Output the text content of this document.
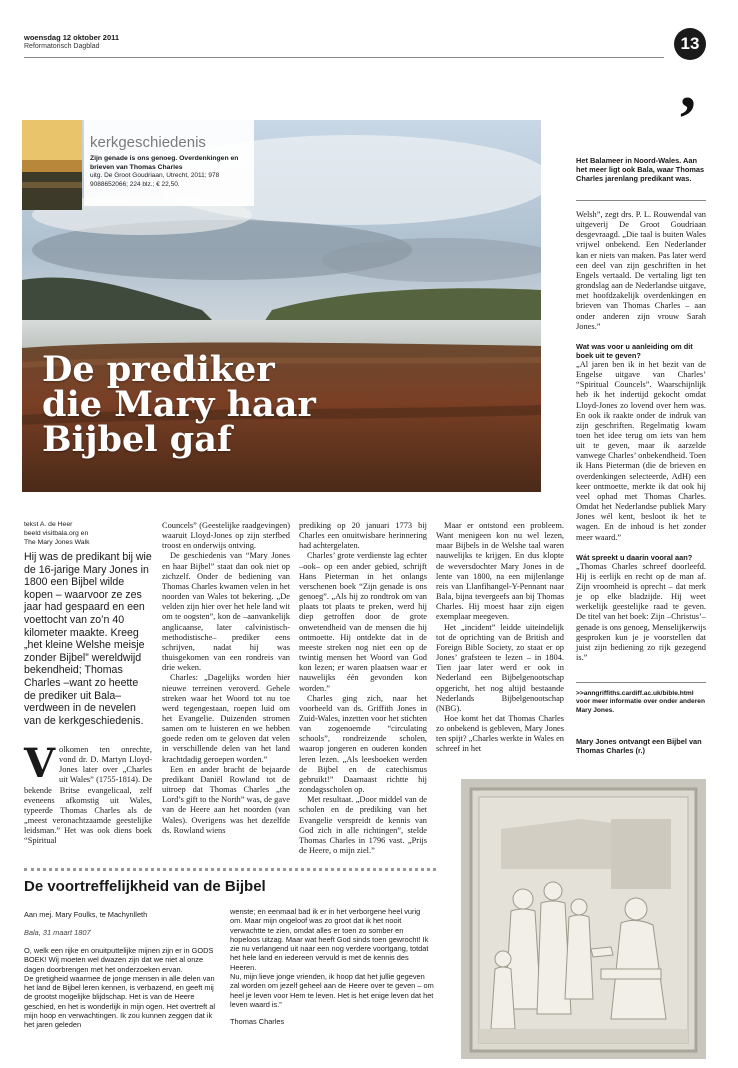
woensdag 12 oktober 2011
Reformatorisch Dagblad	13
,
kerkgeschiedenis
Zijn genade is ons genoeg. Overdenkingen en brieven van Thomas Charles
uitg. De Groot Goudriaan, Utrecht, 2011; 978 9088652066; 224 blz.; € 22,50.
De prediker
die Mary haar
Bijbel gaf
tekst A. de Heer
beeld visitbala.org en
The Mary Jones Walk
Hij was de predikant bij wie de 16-jarige Mary Jones in 1800 een Bijbel wilde kopen – waarvoor ze zes jaar had gespaard en een voettocht van zo’n 40 kilometer maakte. Kreeg „het kleine Welshe meisje zonder Bijbel” wereldwijd bekendheid; Thomas Charles –want zo heette de prediker uit Bala– verdween in de nevelen van de kerkgeschiedenis.
V olkomen ten onrechte, vond dr. D. Martyn Lloyd-Jones later over „Charles uit Wales” (1755-1814). De bekende Britse evangelicaal, zelf eveneens afkomstig uit Wales, typeerde Thomas Charles als de „meest veronachtzaamde geestelijke leidsman.” Het was ook diens boek “Spiritual

Councels” (Geestelijke raadgevingen) waaruit Lloyd-Jones op zijn sterfbed troost en onderwijs ontving.

De geschiedenis van “Mary Jones en haar Bijbel” staat dan ook niet op zichzelf. Onder de bediening van Thomas Charles kwamen velen in het noorden van Wales tot bekering. „De velden zijn hier over het hele land wit om te oogsten”, kon de –aanvankelijk anglicaanse, later calvinistisch-methodistische– prediker eens schrijven, nadat hij was thuisgekomen van een rondreis van drie weken.

Charles: „Dagelijks worden hier nieuwe terreinen veroverd. Gehele streken waar het Woord tot nu toe werd tegengestaan, roepen luid om het Evangelie. Duizenden stromen samen om te luisteren en we hebben goede reden om te geloven dat velen in verschillende delen van het land krachtdadig geroepen worden.”

Een en ander bracht de bejaarde predikant Daniël Rowland tot de uitroep dat Thomas Charles „the Lord’s gift to the North” was, de gave van de Heere aan het noorden (van Wales). Overigens was het dezelfde ds. Rowland wiens

prediking op 20 januari 1773 bij Charles een onuitwisbare herinnering had achtergelaten.

Charles’ grote verdienste lag echter –ook– op een ander gebied, schrijft Hans Pieterman in het onlangs verschenen boek “Zijn genade is ons genoeg”. „Als hij zo rondtrok om van plaats tot plaats te preken, werd hij diep getroffen door de grote onwetendheid van de mensen die hij ontmoette. Hij ontdekte dat in de meeste streken nog niet een op de twintig mensen het Woord van God kon lezen; er waren plaatsen waar er nauwelijks één gevonden kon worden.”

Charles ging zich, naar het voorbeeld van ds. Griffith Jones in Zuid-Wales, inzetten voor het stichten van zogenoemde “circulating schools”, rondreizende scholen, waarop jongeren en ouderen konden leren lezen. „Als leesboeken werden de Bijbel en de catechismus gebruikt!” Daarnaast richtte hij zondagsscholen op.

Met resultaat. „Door middel van de scholen en de prediking van het Evangelie verspreidt de kennis van God zich in alle richtingen”, stelde Thomas Charles in 1796 vast. „Prijs de Heere, o mijn ziel.”

Maar er ontstond een probleem. Want menigeen kon nu wel lezen, maar Bijbels in de Welshe taal waren nauwelijks te krijgen. En dus klopte de weversdochter Mary Jones in de lente van 1800, na een mijlenlange reis van Llanfihangel-Y-Pennant naar Bala, bijna tevergeefs aan bij Thomas Charles. Hij moest haar zijn eigen exemplaar meegeven.

Het „incident” leidde uiteindelijk tot de oprichting van de British and Foreign Bible Society, zo staat er op Jones’ grafsteen te lezen – in 1804. Tien jaar later werd er ook in Nederland een Bijbelgenootschap opgericht, het nog altijd bestaande Nederlands Bijbelgenootschap (NBG).

Hoe komt het dat Thomas Charles zo onbekend is gebleven, Mary Jones ten spijt? „Charles werkte in Wales en schreef in het

Het Balameer in Noord-Wales. Aan het meer ligt ook Bala, waar Thomas Charles jarenlang predikant was.

Welsh”, zegt drs. P. L. Rouwendal van uitgeverij De Groot Goudriaan desgevraagd. „Die taal is buiten Wales vrijwel onbekend. Een Nederlander kan er niets van maken. Pas later werd een deel van zijn geschriften in het Engels vertaald. De vertaling ligt ten grondslag aan de Nederlandse uitgave, met hoofdzakelijk overdenkingen en brieven van Thomas Charles – aan onder anderen zijn vrouw Sarah Jones.”

Wat was voor u aanleiding om dit boek uit te geven?

„Al jaren ben ik in het bezit van de Engelse uitgave van Charles’ “Spiritual Councels”. Waarschijnlijk heb ik het indertijd gekocht omdat Lloyd-Jones zo lovend over hem was. En ook ik raakte onder de indruk van zijn geschriften. Regelmatig kwam toen het idee terug om iets van hem uit te geven, maar ik aarzelde vanwege Charles’ onbekendheid. Toen ik Hans Pieterman (die de brieven en overdenkingen selecteerde, AdH) een keer ontmoette, merkte ik dat ook hij veel ophad met Thomas Charles. Omdat het Nederlandse publiek Mary Jones wél kent, besloot ik het te wagen. En de inhoud is het zonder meer waard.”

Wát spreekt u daarin vooral aan?

„Thomas Charles schreef doorleefd. Hij is eerlijk en recht op de man af. Zijn vroomheid is oprecht – dat merk je op elke bladzijde. Hij weet werkelijk geestelijke raad te geven. De titel van het boek: Zijn –Christus’– genade is ons genoeg, Menselijkerwijs gesproken kun je je voorstellen dat juist zijn bediening zo rijk gezegend is.”

>>anngriffiths.cardiff.ac.uk/bible.html voor meer informatie over onder anderen Mary Jones.
Mary Jones ontvangt een Bijbel van Thomas Charles (r.)
De voortreffelijkheid van de Bijbel
Aan mej. Mary Foulks, te Machynlleth
Bala, 31 maart 1807

O, welk een rijke en onuitputtelijke mijnen zijn er in GODS BOEK! Wij moeten wel dwazen zijn dat we niet al onze dagen doorbrengen met het onderzoeken ervan.

De gretigheid waarmee de jonge mensen in alle delen van het land de Bijbel leren kennen, is verbazend, en geeft mij de grootst mogelijke blijdschap. Het is van de Heere geschied, en het is wonderlijk in mijn ogen. Het overtreft al mijn hoop en verwachtingen. Ik zou kunnen zeggen dat ik het jaren geleden

wenste; en eenmaal bad ik er in het verborgene heel vurig om. Maar mijn ongeloof was zo groot dat ik het nooit verwachtte te zien, omdat alles er toen zo somber en hopeloos uitzag. Maar wat heeft God sinds toen gewrocht! Ik zie nu verlangend uit naar een nog verdere voortgang, totdat het hele land en iedereen vervuld is met de kennis des Heeren.

Nu, mijn lieve jonge vrienden, ik hoop dat het jullie gegeven zal worden om jezelf geheel aan de Heere over te geven – om heel je leven voor Hem te leven. Het is het enige leven dat het leven waard is.”

Thomas Charles
